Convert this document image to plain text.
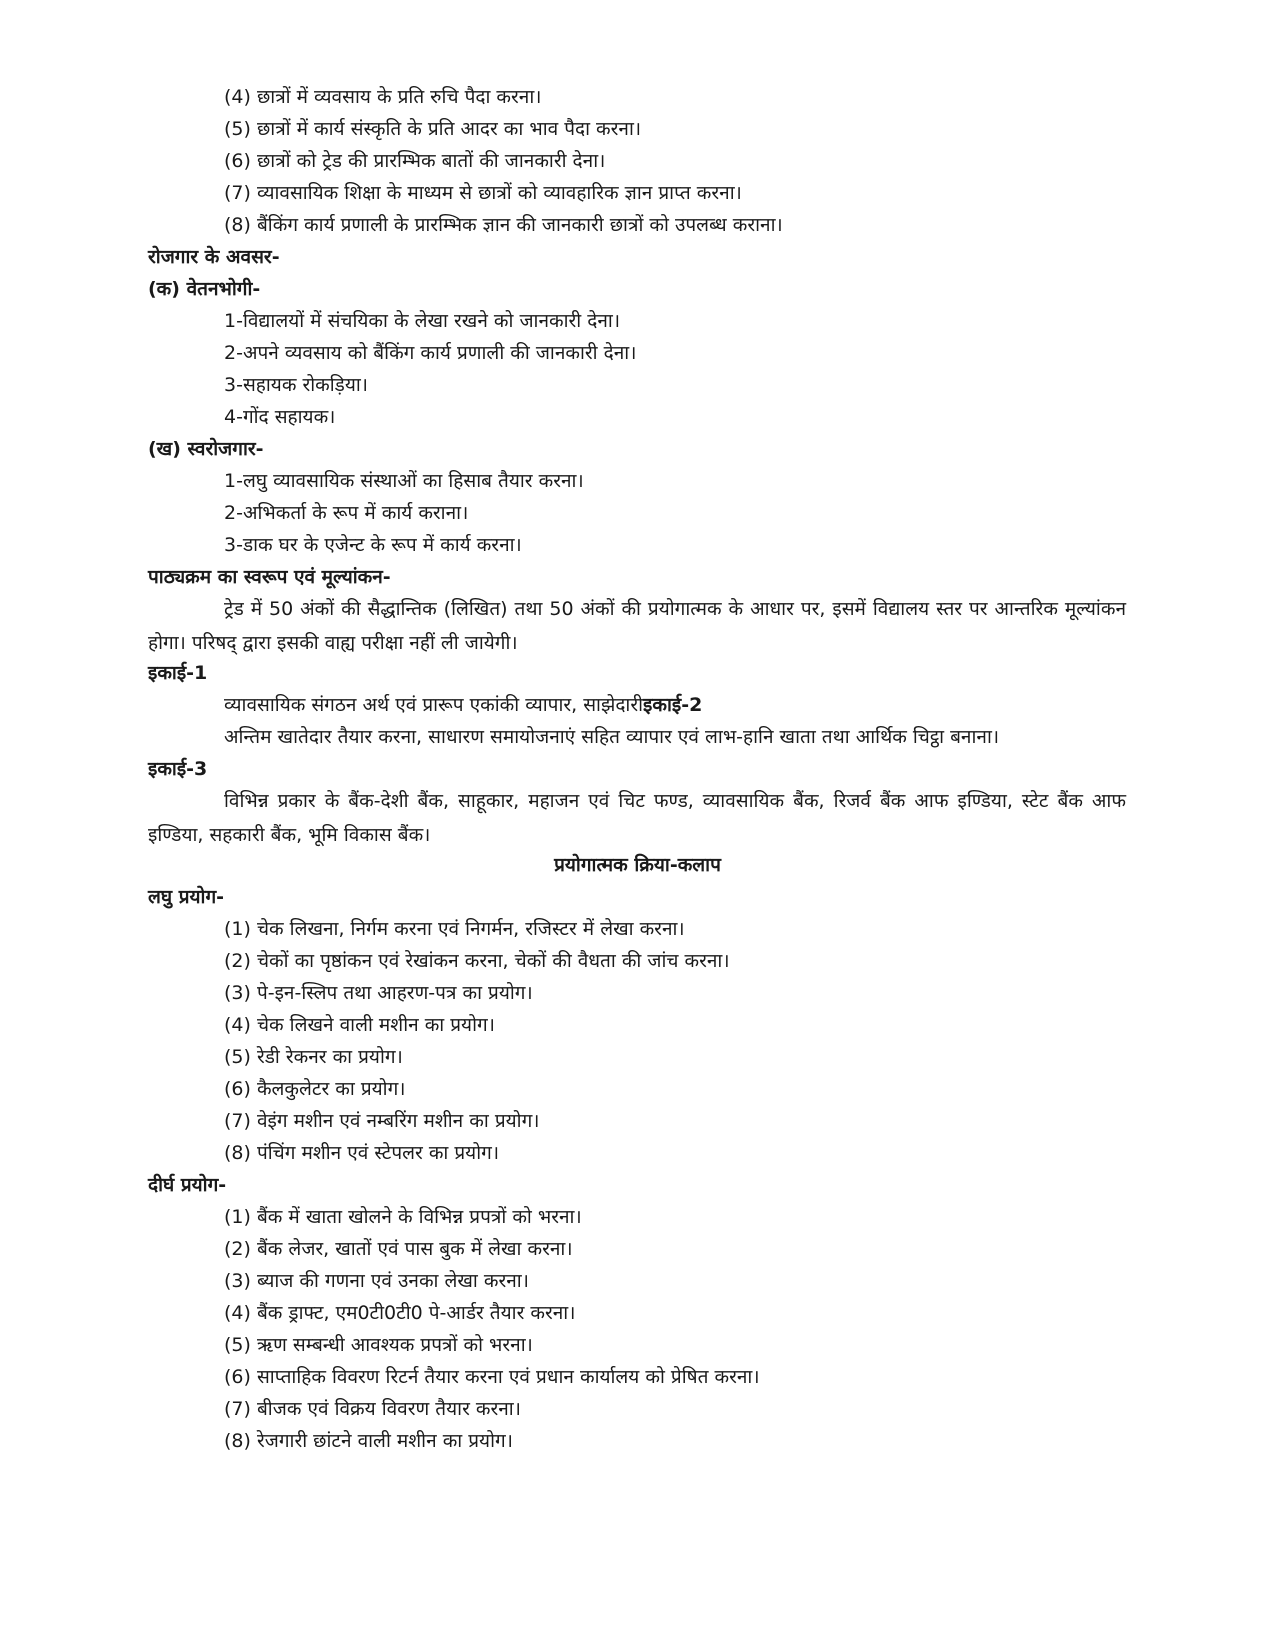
(4) छात्रों में व्यवसाय के प्रति रुचि पैदा करना।

(5) छात्रों में कार्य संस्कृति के प्रति आदर का भाव पैदा करना।

(6) छात्रों को ट्रेड की प्रारम्भिक बातों की जानकारी देना।

(7) व्यावसायिक शिक्षा के माध्यम से छात्रों को व्यावहारिक ज्ञान प्राप्त करना।

(8) बैंकिंग कार्य प्रणाली के प्रारम्भिक ज्ञान की जानकारी छात्रों को उपलब्ध कराना।

रोजगार के अवसर-

(क) वेतनभोगी-

1-विद्यालयों में संचयिका के लेखा रखने को जानकारी देना।

2-अपने व्यवसाय को बैंकिंग कार्य प्रणाली की जानकारी देना।

3-सहायक रोकड़िया।

4-गोंद सहायक।

(ख) स्वरोजगार-

1-लघु व्यावसायिक संस्थाओं का हिसाब तैयार करना।

2-अभिकर्ता के रूप में कार्य कराना।

3-डाक घर के एजेन्ट के रूप में कार्य करना।

पाठ्यक्रम का स्वरूप एवं मूल्यांकन-

ट्रेड में 50 अंकों की सैद्धान्तिक (लिखित) तथा 50 अंकों की प्रयोगात्मक के आधार पर, इसमें विद्यालय स्तर पर आन्तरिक मूल्यांकन होगा। परिषद् द्वारा इसकी वाह्य परीक्षा नहीं ली जायेगी।

इकाई-1

व्यावसायिक संगठन अर्थ एवं प्रारूप एकांकी व्यापार, साझेदारीइकाई-2

अन्तिम खातेदार तैयार करना, साधारण समायोजनाएं सहित व्यापार एवं लाभ-हानि खाता तथा आर्थिक चिट्ठा बनाना।

इकाई-3

विभिन्न प्रकार के बैंक-देशी बैंक, साहूकार, महाजन एवं चिट फण्ड, व्यावसायिक बैंक, रिजर्व बैंक आफ इण्डिया, स्टेट बैंक आफ इण्डिया, सहकारी बैंक, भूमि विकास बैंक।

प्रयोगात्मक क्रिया-कलाप

लघु प्रयोग-

(1) चेक लिखना, निर्गम करना एवं निगर्मन, रजिस्टर में लेखा करना।

(2) चेकों का पृष्ठांकन एवं रेखांकन करना, चेकों की वैधता की जांच करना।

(3) पे-इन-स्लिप तथा आहरण-पत्र का प्रयोग।

(4) चेक लिखने वाली मशीन का प्रयोग।

(5) रेडी रेकनर का प्रयोग।

(6) कैलकुलेटर का प्रयोग।

(7) वेइंग मशीन एवं नम्बरिंग मशीन का प्रयोग।

(8) पंचिंग मशीन एवं स्टेपलर का प्रयोग।

दीर्घ प्रयोग-

(1) बैंक में खाता खोलने के विभिन्न प्रपत्रों को भरना।

(2) बैंक लेजर, खातों एवं पास बुक में लेखा करना।

(3) ब्याज की गणना एवं उनका लेखा करना।

(4) बैंक ड्राफ्ट, एम0टी0टी0 पे-आर्डर तैयार करना।

(5) ऋण सम्बन्धी आवश्यक प्रपत्रों को भरना।

(6) साप्ताहिक विवरण रिटर्न तैयार करना एवं प्रधान कार्यालय को प्रेषित करना।

(7) बीजक एवं विक्रय विवरण तैयार करना।

(8) रेजगारी छांटने वाली मशीन का प्रयोग।
